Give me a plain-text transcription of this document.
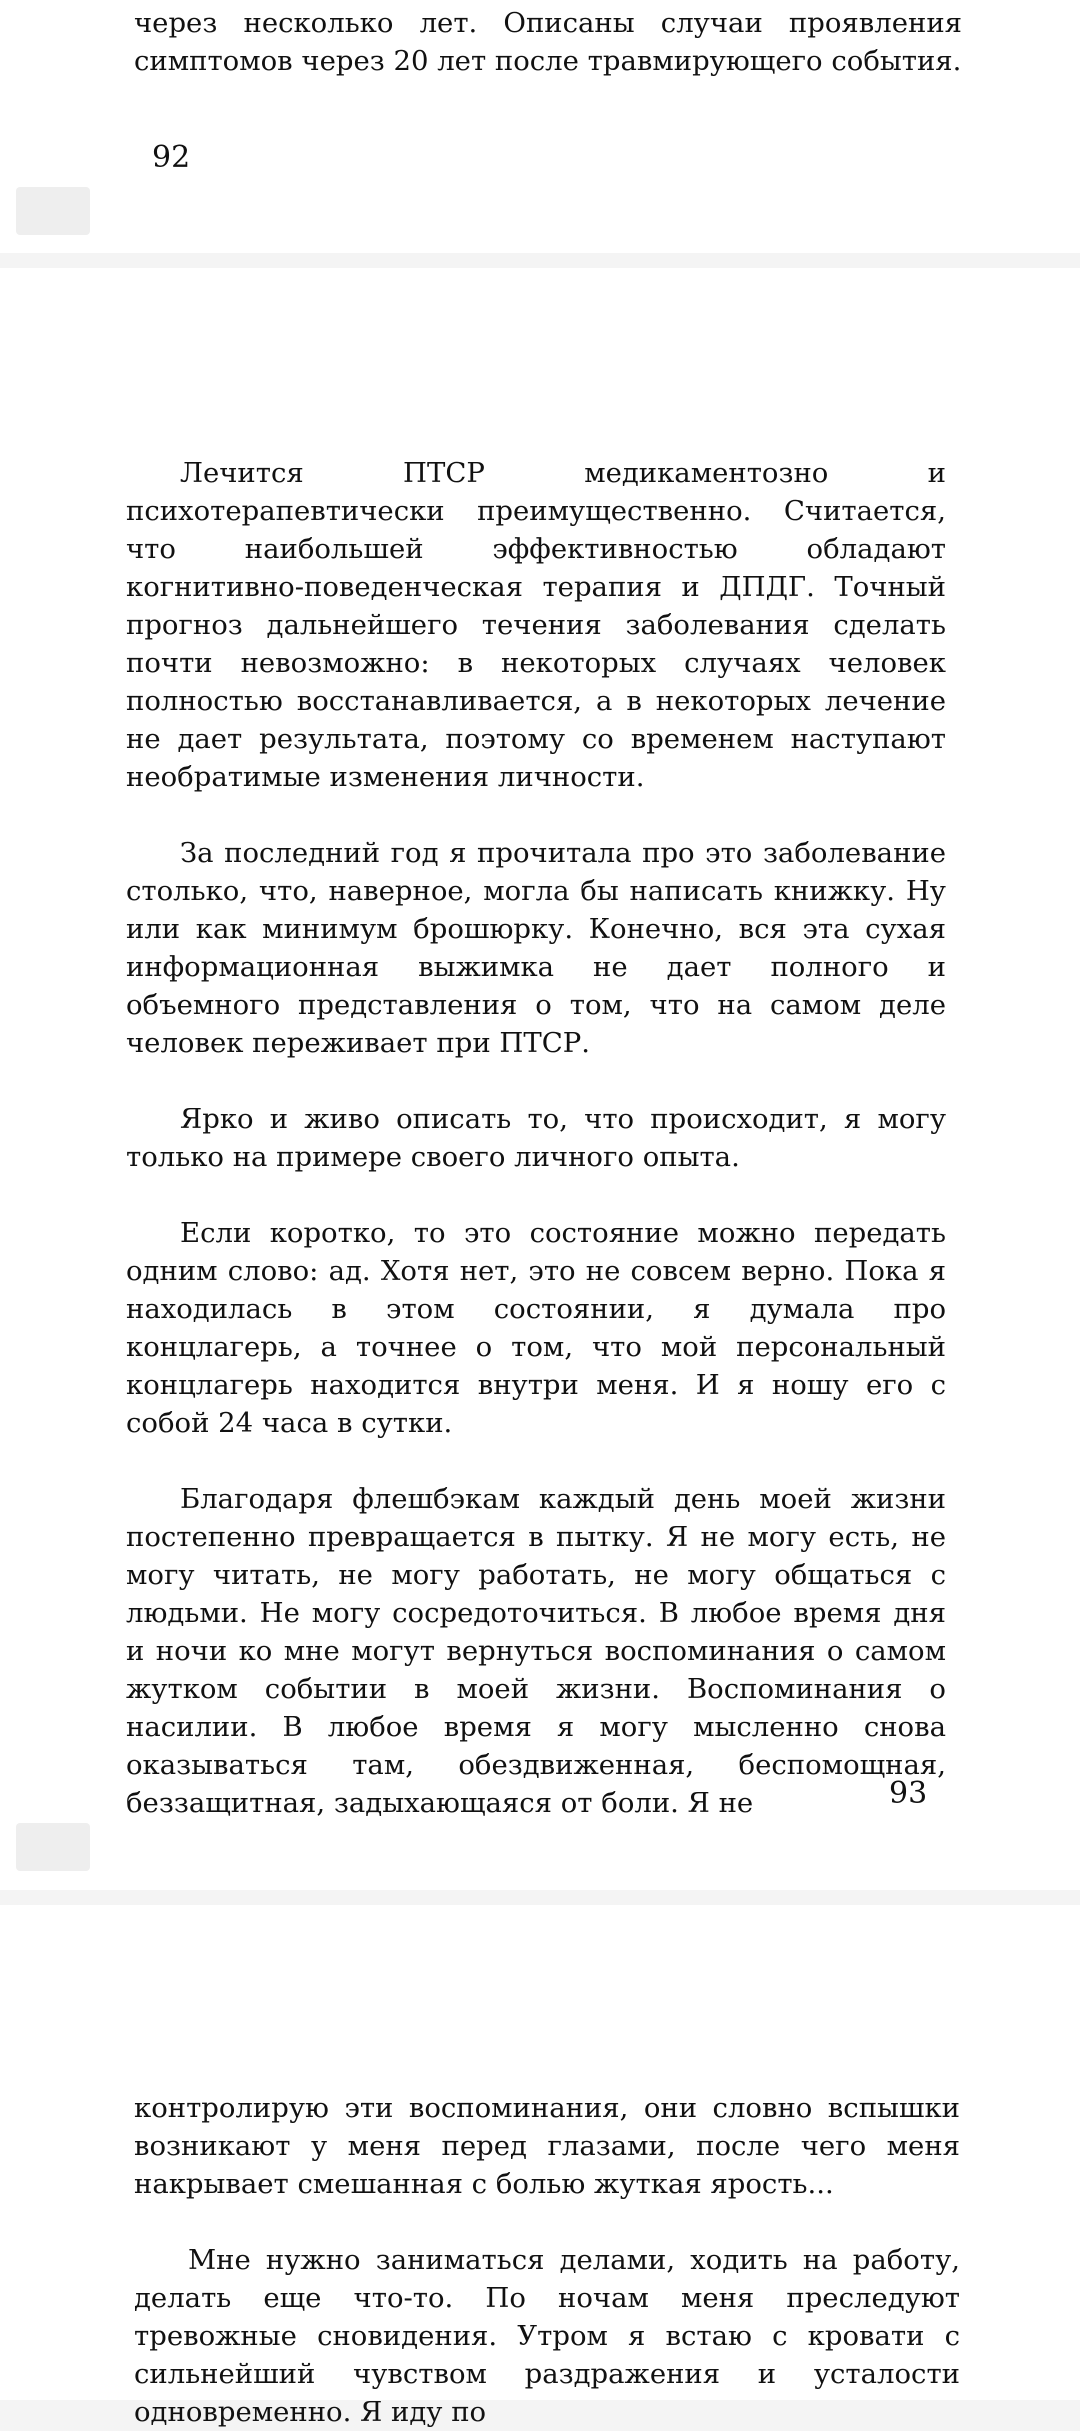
через несколько лет. Описаны случаи проявления симптомов через 20 лет после травмирующего события.

92

Лечится ПТСР медикаментозно и психотерапевтически преимущественно. Считается, что наибольшей эффективностью обладают когнитивно-поведенческая терапия и ДПДГ. Точный прогноз дальнейшего течения заболевания сделать почти невозможно: в некоторых случаях человек полностью восстанавливается, а в некоторых лечение не дает результата, поэтому со временем наступают необратимые изменения личности.

За последний год я прочитала про это заболевание столько, что, наверное, могла бы написать книжку. Ну или как минимум брошюрку. Конечно, вся эта сухая информационная выжимка не дает полного и объемного представления о том, что на самом деле человек переживает при ПТСР.

Ярко и живо описать то, что происходит, я могу только на примере своего личного опыта.

Если коротко, то это состояние можно передать одним слово: ад. Хотя нет, это не совсем верно. Пока я находилась в этом состоянии, я думала про концлагерь, а точнее о том, что мой персональный концлагерь находится внутри меня. И я ношу его с собой 24 часа в сутки.

Благодаря флешбэкам каждый день моей жизни постепенно превращается в пытку. Я не могу есть, не могу читать, не могу работать, не могу общаться с людьми. Не могу сосредоточиться. В любое время дня и ночи ко мне могут вернуться воспоминания о самом жутком событии в моей жизни. Воспоминания о насилии. В любое время я могу мысленно снова оказываться там, обездвиженная, беспомощная, беззащитная, задыхающаяся от боли. Я не	93

контролирую эти воспоминания, они словно вспышки возникают у меня перед глазами, после чего меня накрывает смешанная с болью жуткая ярость...

Мне нужно заниматься делами, ходить на работу, делать еще что-то. По ночам меня преследуют тревожные сновидения. Утром я встаю с кровати с сильнейший чувством раздражения и усталости одновременно. Я иду по
